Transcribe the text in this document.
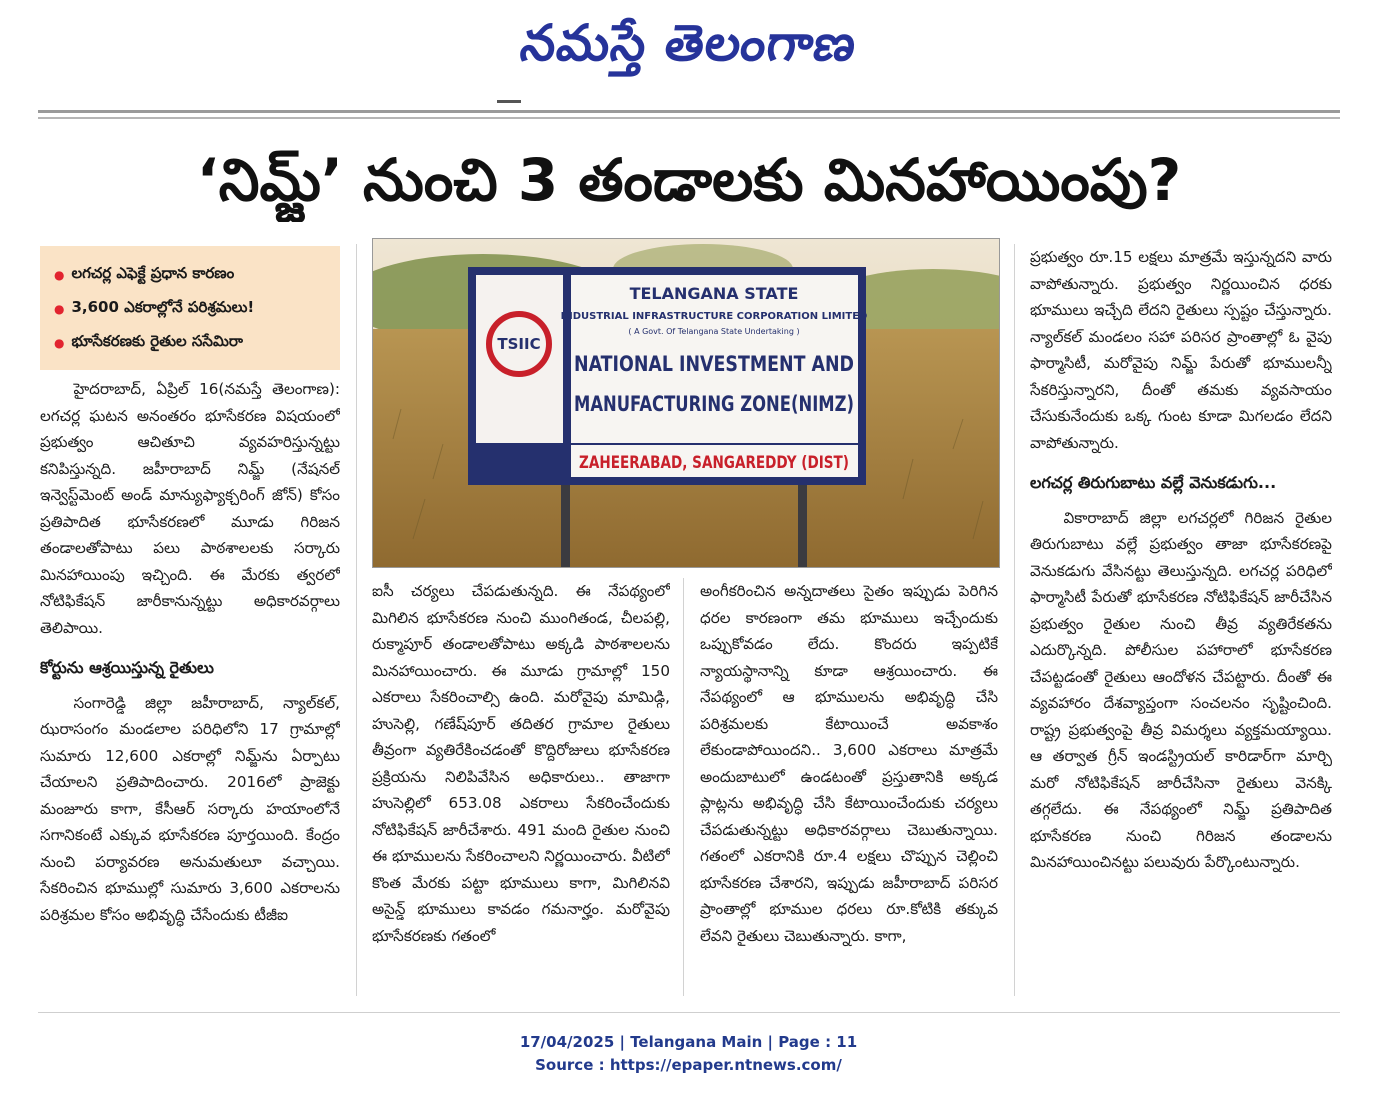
నమస్తే తెలంగాణ
‘నిమ్జ్’ నుంచి 3 తండాలకు మినహాయింపు?
● లగచర్ల ఎఫెక్టే ప్రధాన కారణం
● 3,600 ఎకరాల్లోనే పరిశ్రమలు!
● భూసేకరణకు రైతుల ససేమిరా	TSIIC
TELANGANA STATE
INDUSTRIAL INFRASTRUCTURE CORPORATION LIMITED
( A Govt. Of Telangana State Undertaking )
NATIONAL INVESTMENT AND
MANUFACTURING ZONE(NIMZ)
ZAHEERABAD, SANGAREDDY (DIST)

హైదరాబాద్, ఏప్రిల్ 16(నమస్తే తెలంగాణ): లగచర్ల ఘటన అనంతరం భూసేకరణ విషయంలో ప్రభుత్వం ఆచితూచి వ్యవహరిస్తున్నట్టు కనిపిస్తున్నది. జహీరాబాద్ నిమ్జ్ (నేషనల్ ఇన్వెస్ట్‌మెంట్ అండ్ మాన్యుఫ్యాక్చరింగ్ జోన్) కోసం ప్రతిపాదిత భూసేకరణలో మూడు గిరిజన తండాలతోపాటు పలు పాఠశాలలకు సర్కారు మినహాయింపు ఇచ్చింది. ఈ మేరకు త్వరలో నోటిఫికేషన్ జారీకానున్నట్టు అధికారవర్గాలు తెలిపాయి.

కోర్టును ఆశ్రయిస్తున్న రైతులు

సంగారెడ్డి జిల్లా జహీరాబాద్, న్యాల్‌కల్, ఝరాసంగం మండలాల పరిధిలోని 17 గ్రామాల్లో సుమారు 12,600 ఎకరాల్లో నిమ్జ్‌ను ఏర్పాటు చేయాలని ప్రతిపాదించారు. 2016లో ప్రాజెక్టు మంజూరు కాగా, కేసీఆర్ సర్కారు హయాంలోనే సగానికంటే ఎక్కువ భూసేకరణ పూర్తయింది. కేంద్రం నుంచి పర్యావరణ అనుమతులూ వచ్చాయి. సేకరించిన భూముల్లో సుమారు 3,600 ఎకరాలను పరిశ్రమల కోసం అభివృద్ధి చేసేందుకు టీజీఐ

ఐసీ చర్యలు చేపడుతున్నది. ఈ నేపథ్యంలో మిగిలిన భూసేకరణ నుంచి ముంగితండ, చీలపల్లి, రుక్మాపూర్ తండాలతోపాటు అక్కడి పాఠశాలలను మినహాయించారు. ఈ మూడు గ్రామాల్లో 150 ఎకరాలు సేకరించాల్సి ఉంది. మరోవైపు మామిడ్గి, హుసెల్లి, గణేష్‌పూర్ తదితర గ్రామాల రైతులు తీవ్రంగా వ్యతిరేకించడంతో కొద్దిరోజులు భూసేకరణ ప్రక్రియను నిలిపివేసిన అధికారులు.. తాజాగా హుసెల్లిలో 653.08 ఎకరాలు సేకరించేందుకు నోటిఫికేషన్ జారీచేశారు. 491 మంది రైతుల నుంచి ఈ భూములను సేకరించాలని నిర్ణయించారు. వీటిలో కొంత మేరకు పట్టా భూములు కాగా, మిగిలినవి అసైన్డ్ భూములు కావడం గమనార్హం. మరోవైపు భూసేకరణకు గతంలో

అంగీకరించిన అన్నదాతలు సైతం ఇప్పుడు పెరిగిన ధరల కారణంగా తమ భూములు ఇచ్చేందుకు ఒప్పుకోవడం లేదు. కొందరు ఇప్పటికే న్యాయస్థానాన్ని కూడా ఆశ్రయించారు. ఈ నేపథ్యంలో ఆ భూములను అభివృద్ధి చేసి పరిశ్రమలకు కేటాయించే అవకాశం లేకుండాపోయిందని.. 3,600 ఎకరాలు మాత్రమే అందుబాటులో ఉండటంతో ప్రస్తుతానికి అక్కడ ప్లాట్లను అభివృద్ధి చేసి కేటాయించేందుకు చర్యలు చేపడుతున్నట్టు అధికారవర్గాలు చెబుతున్నాయి. గతంలో ఎకరానికి రూ.4 లక్షలు చొప్పున చెల్లించి భూసేకరణ చేశారని, ఇప్పుడు జహీరాబాద్ పరిసర ప్రాంతాల్లో భూముల ధరలు రూ.కోటికి తక్కువ లేవని రైతులు చెబుతున్నారు. కాగా,

ప్రభుత్వం రూ.15 లక్షలు మాత్రమే ఇస్తున్నదని వారు వాపోతున్నారు. ప్రభుత్వం నిర్ణయించిన ధరకు భూములు ఇచ్చేది లేదని రైతులు స్పష్టం చేస్తున్నారు. న్యాల్‌కల్ మండలం సహా పరిసర ప్రాంతాల్లో ఓ వైపు ఫార్మాసిటీ, మరోవైపు నిమ్జ్ పేరుతో భూములన్నీ సేకరిస్తున్నారని, దీంతో తమకు వ్యవసాయం చేసుకునేందుకు ఒక్క గుంట కూడా మిగలడం లేదని వాపోతున్నారు.

లగచర్ల తిరుగుబాటు వల్లే వెనుకడుగు...

వికారాబాద్ జిల్లా లగచర్లలో గిరిజన రైతుల తిరుగుబాటు వల్లే ప్రభుత్వం తాజా భూసేకరణపై వెనుకడుగు వేసినట్టు తెలుస్తున్నది. లగచర్ల పరిధిలో ఫార్మాసిటీ పేరుతో భూసేకరణ నోటిఫికేషన్ జారీచేసిన ప్రభుత్వం రైతుల నుంచి తీవ్ర వ్యతిరేకతను ఎదుర్కొన్నది. పోలీసుల పహారాలో భూసేకరణ చేపట్టడంతో రైతులు ఆందోళన చేపట్టారు. దీంతో ఈ వ్యవహారం దేశవ్యాప్తంగా సంచలనం సృష్టించింది. రాష్ట్ర ప్రభుత్వంపై తీవ్ర విమర్శలు వ్యక్తమయ్యాయి. ఆ తర్వాత గ్రీన్ ఇండస్ట్రియల్ కారిడార్‌గా మార్చి మరో నోటిఫికేషన్ జారీచేసినా రైతులు వెనక్కి తగ్గలేదు. ఈ నేపథ్యంలో నిమ్జ్ ప్రతిపాదిత భూసేకరణ నుంచి గిరిజన తండాలను మినహాయించినట్టు పలువురు పేర్కొంటున్నారు.

17/04/2025 | Telangana Main | Page : 11
Source : https://epaper.ntnews.com/
